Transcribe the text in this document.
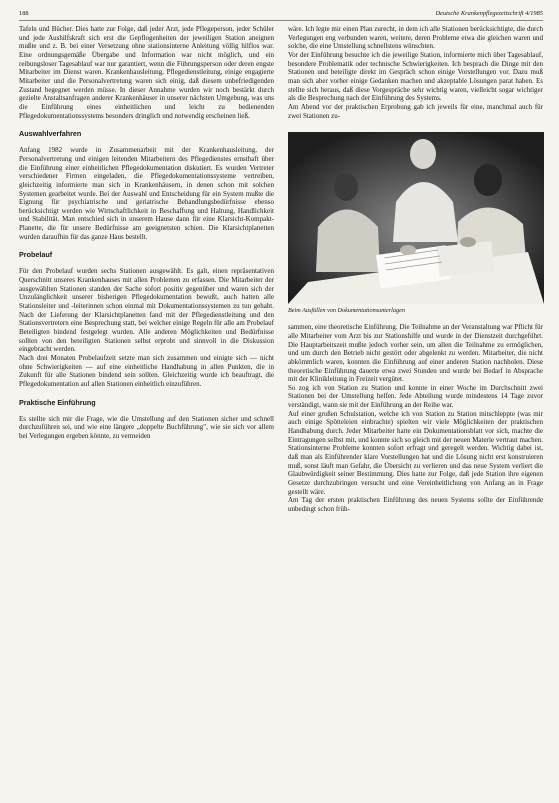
188	Deutsche Krankenpflegezeitschrift 4/1985

Tafeln und Bücher. Dies hatte zur Folge, daß jeder Arzt, jede Pflegeperson, jeder Schüler und jede Aushilfskraft sich erst die Gepflogenheiten der jeweiligen Station aneignen mußte und z. B. bei einer Versetzung ohne stationsinterne Anleitung völlig hilflos war. Eine ordnungsgemäße Übergabe und Information war nicht möglich, und ein reibungsloser Tagesablauf war nur garantiert, wenn die Führungsperson oder deren engste Mitarbeiter im Dienst waren. Krankenhausleitung, Pflegedienstleitung, einige engagierte Mitarbeiter und die Personalvertretung waren sich einig, daß diesem unbefriedigenden Zustand begegnet werden müsse. In dieser Annahme wurden wir noch bestärkt durch gezielte Anstaltsanfragen anderer Krankenhäuser in unserer nächsten Umgebung, was uns die Einführung eines einheitlichen und leicht zu bedienenden Pflegedokumentationssystems besonders dringlich und notwendig erscheinen ließ.

Auswahlverfahren

Anfang 1982 wurde in Zusammenarbeit mit der Krankenhausleitung, der Personalvertretung und einigen leitenden Mitarbeitern des Pflegedienstes ernsthaft über die Einführung einer einheitlichen Pflegedokumentation diskutiert. Es wurden Vertreter verschiedener Firmen eingeladen, die Pflegedokumentationssysteme vertreiben, gleichzeitig informierte man sich in Krankenhäusern, in denen schon mit solchen Systemen gearbeitet wurde. Bei der Auswahl und Entscheidung für ein System mußte die Eignung für psychiatrische und geriatrische Behandlungsbedürfnisse ebenso berücksichtigt werden wie Wirtschaftlichkeit in Beschaffung und Haltung, Handlichkeit und Stabilität. Man entschied sich in unserem Hause dann für eine Klarsicht-Kompakt-Planette, die für unsere Bedürfnisse am geeignetsten schien. Die Klarsichtplanetten wurden daraufhin für das ganze Haus bestellt.

Probelauf

Für den Probelauf wurden sechs Stationen ausgewählt. Es galt, einen repräsentativen Querschnitt unseres Krankenhauses mit allen Problemen zu erfassen. Die Mitarbeiter der ausgewählten Stationen standen der Sache sofort positiv gegenüber und waren sich der Unzulänglichkeit unserer bisherigen Pflegedokumentation bewußt, auch hatten alle Stationsleiter und -leiterinnen schon einmal mit Dokumentationssystemen zu tun gehabt. Nach der Lieferung der Klarsichtplanetten fand mit der Pflegedienstleitung und den Stationsvertretern eine Besprechung statt, bei welcher einige Regeln für alle am Probelauf Beteiligten bindend festgelegt wurden. Alle anderen Möglichkeiten und Bedürfnisse sollten von den beteiligten Stationen selbst erprobt und sinnvoll in die Diskussion eingebracht werden.

Nach drei Monaten Probelaufzeit setzte man sich zusammen und einigte sich — nicht ohne Schwierigkeiten — auf eine einheitliche Handhabung in allen Punkten, die in Zukunft für alle Stationen bindend sein sollten. Gleichzeitig wurde ich beauftragt, die Pflegedokumentation auf allen Stationen einheitlich einzuführen.

Praktische Einführung

Es stellte sich mir die Frage, wie die Umstellung auf den Stationen sicher und schnell durchzuführen sei, und wie eine längere „doppelte Buchführung", wie sie sich vor allem bei Verlegungen ergeben könnte, zu vermeiden

wäre. Ich legte mir einen Plan zurecht, in dem ich alle Stationen berücksichtigte, die durch Verlegungen eng verbunden waren, weitere, deren Probleme etwa die gleichen waren und solche, die eine Umstellung schnellstens wünschten.

Vor der Einführung besuchte ich die jeweilige Station, informierte mich über Tagesablauf, besondere Problematik oder technische Schwierigkeiten. Ich besprach die Dinge mit den Stationen und beteiligte direkt im Gespräch schon einige Vorstellungen vor. Dazu muß man sich aber vorher einige Gedanken machen und akzeptable Lösungen parat haben. Es stellte sich heraus, daß diese Vorgespräche sehr wichtig waren, vielleicht sogar wichtiger als die Besprechung nach der Einführung des Systems.

Am Abend vor der praktischen Erprobung gab ich jeweils für eine, manchmal auch für zwei Stationen zu-

Beim Ausfüllen von Dokumentationsunterlagen

sammen, eine theoretische Einführung. Die Teilnahme an der Veranstaltung war Pflicht für alle Mitarbeiter vom Arzt bis zur Stationshilfe und wurde in der Dienstzeit durchgeführt. Die Hauptarbeitszeit mußte jedoch vorher sein, um allen die Teilnahme zu ermöglichen, und um durch den Betrieb nicht gestört oder abgelenkt zu werden. Mitarbeiter, die nicht abkömmlich waren, konnten die Einführung auf einer anderen Station nachholen. Diese theoretische Einführung dauerte etwa zwei Stunden und wurde bei Bedarf in Absprache mit der Klinikleitung in Freizeit vergütet.

So zog ich von Station zu Station und konnte in einer Woche im Durchschnitt zwei Stationen bei der Umstellung helfen. Jede Abteilung wurde mindestens 14 Tage zuvor verständigt, wann sie mit der Einführung an der Reihe war.

Auf einer großen Schulstation, welche ich von Station zu Station mitschleppte (was mir auch einige Spötteleien einbrachte) spielten wir viele Möglichkeiten der praktischen Handhabung durch. Jeder Mitarbeiter hatte ein Dokumentationsblatt vor sich, machte die Eintragungen selbst mit, und konnte sich so gleich mit der neuen Materie vertraut machen. Stationsinterne Probleme konnten sofort erfragt und geregelt werden. Wichtig dabei ist, daß man als Einführender klare Vorstellungen hat und die Lösung nicht erst konstruieren muß, sonst läuft man Gefahr, die Übersicht zu verlieren und das neue System verliert die Glaubwürdigkeit seiner Bestimmung. Dies hatte zur Folge, daß jede Station ihre eigenen Gesetze durchzubringen versucht und eine Vereinheitlichung von Anfang an in Frage gestellt wäre.

Am Tag der ersten praktischen Einführung des neuen Systems sollte der Einführende unbedingt schon früh-
